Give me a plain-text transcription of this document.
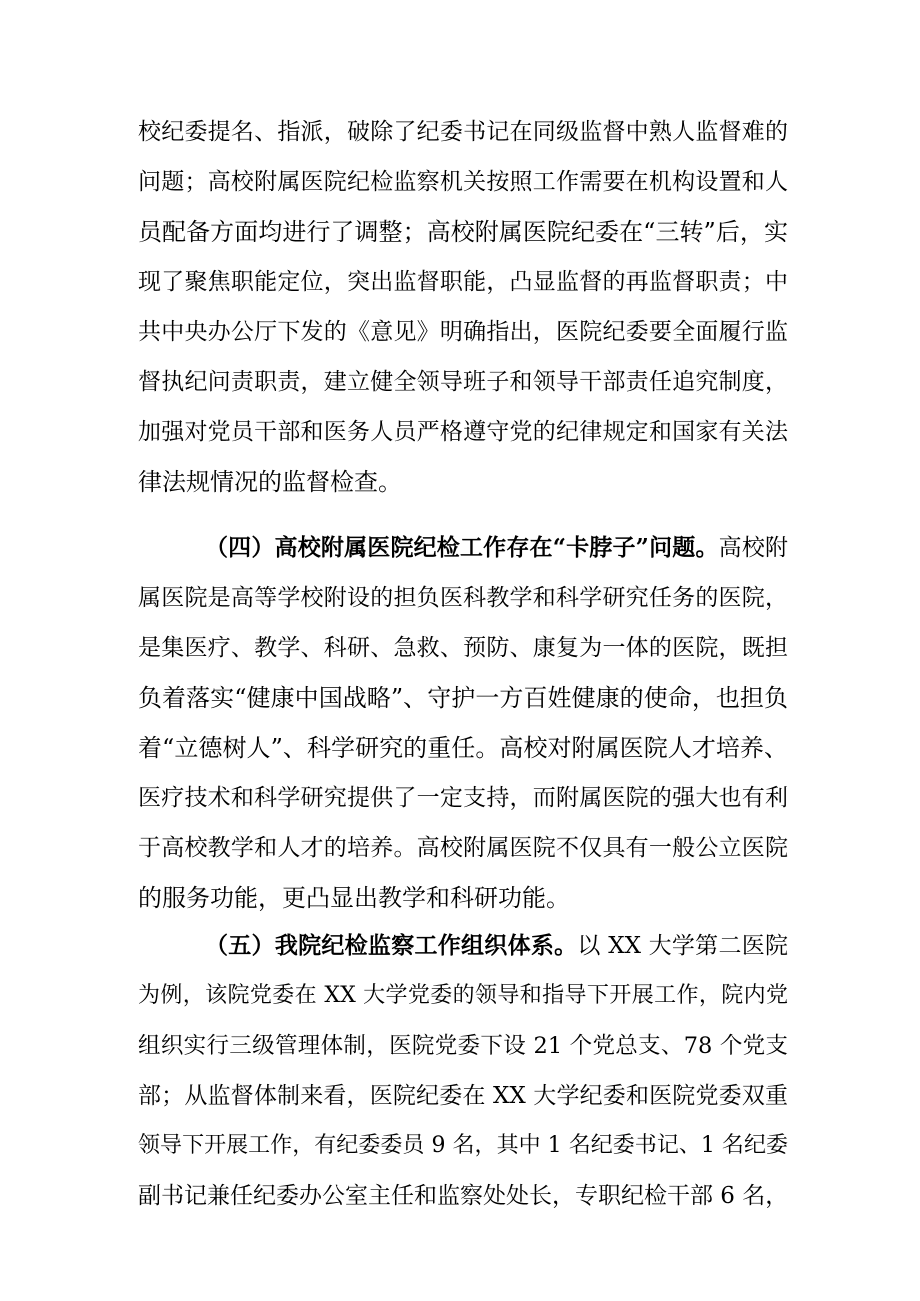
校纪委提名、指派，破除了纪委书记在同级监督中熟人监督难的
问题；高校附属医院纪检监察机关按照工作需要在机构设置和人
员配备方面均进行了调整；高校附属医院纪委在“三转”后，实
现了聚焦职能定位，突出监督职能，凸显监督的再监督职责；中
共中央办公厅下发的《意见》明确指出，医院纪委要全面履行监
督执纪问责职责，建立健全领导班子和领导干部责任追究制度，
加强对党员干部和医务人员严格遵守党的纪律规定和国家有关法
律法规情况的监督检查。
（四）高校附属医院纪检工作存在“卡脖子”问题。高校附
属医院是高等学校附设的担负医科教学和科学研究任务的医院，
是集医疗、教学、科研、急救、预防、康复为一体的医院，既担
负着落实“健康中国战略”、守护一方百姓健康的使命，也担负
着“立德树人”、科学研究的重任。高校对附属医院人才培养、
医疗技术和科学研究提供了一定支持，而附属医院的强大也有利
于高校教学和人才的培养。高校附属医院不仅具有一般公立医院
的服务功能，更凸显出教学和科研功能。
（五）我院纪检监察工作组织体系。以 XX 大学第二医院
为例，该院党委在 XX 大学党委的领导和指导下开展工作，院内党
组织实行三级管理体制，医院党委下设 21 个党总支、78 个党支
部；从监督体制来看，医院纪委在 XX 大学纪委和医院党委双重
领导下开展工作，有纪委委员 9 名，其中 1 名纪委书记、1 名纪委
副书记兼任纪委办公室主任和监察处处长，专职纪检干部 6 名，
